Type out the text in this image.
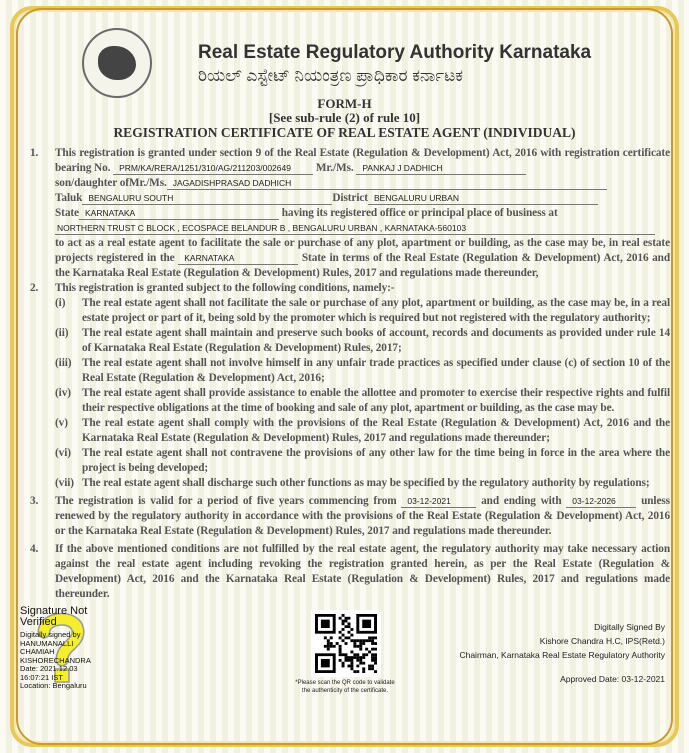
Real Estate Regulatory Authority Karnataka
ರಿಯಲ್ ಎಸ್ಟೇಟ್ ನಿಯಂತ್ರಣ ಪ್ರಾಧಿಕಾರ ಕರ್ನಾಟಕ
FORM-H
[See sub-rule (2) of rule 10]
REGISTRATION CERTIFICATE OF REAL ESTATE AGENT (INDIVIDUAL)
1.	This registration is granted under section 9 of the Real Estate (Regulation & Development) Act, 2016 with registration certificate bearing No. PRM/KA/RERA/1251/310/AG/211203/002649 Mr./Ms. PANKAJ J DADHICH
son/daughter ofMr./Ms. JAGADISHPRASAD DADHICH
Taluk BENGALURU SOUTH	District BENGALURU URBAN
State KARNATAKA	having its registered office or principal place of business at
NORTHERN TRUST C BLOCK , ECOSPACE BELANDUR B , BENGALURU URBAN , KARNATAKA-560103
to act as a real estate agent to facilitate the sale or purchase of any plot, apartment or building, as the case may be, in real estate projects registered in the KARNATAKA	State in terms of the Real Estate (Regulation & Development) Act, 2016 and the Karnataka Real Estate (Regulation & Development) Rules, 2017 and regulations made thereunder,
2.	This registration is granted subject to the following conditions, namely:-
(i)	The real estate agent shall not facilitate the sale or purchase of any plot, apartment or building, as the case may be, in a real estate project or part of it, being sold by the promoter which is required but not registered with the regulatory authority;
(ii)	The real estate agent shall maintain and preserve such books of account, records and documents as provided under rule 14 of Karnataka Real Estate (Regulation & Development) Rules, 2017;
(iii) The real estate agent shall not involve himself in any unfair trade practices as specified under clause (c) of section 10 of the Real Estate (Regulation & Development) Act, 2016;
(iv) The real estate agent shall provide assistance to enable the allottee and promoter to exercise their respective rights and fulfil their respective obligations at the time of booking and sale of any plot, apartment or building, as the case may be.
(v)	The real estate agent shall comply with the provisions of the Real Estate (Regulation & Development) Act, 2016 and the Karnataka Real Estate (Regulation & Development) Rules, 2017 and regulations made thereunder;
(vi) The real estate agent shall not contravene the provisions of any other law for the time being in force in the area where the project is being developed;
(vii) The real estate agent shall discharge such other functions as may be specified by the regulatory authority by regulations;
3.	The registration is valid for a period of five years commencing from 03-12-2021	and ending with 03-12-2026 unless renewed by the regulatory authority in accordance with the provisions of the Real Estate (Regulation & Development) Act, 2016 or the Karnataka Real Estate (Regulation & Development) Rules, 2017 and regulations made thereunder.
4.	If the above mentioned conditions are not fulfilled by the real estate agent, the regulatory authority may take necessary action against the real estate agent including revoking the registration granted herein, as per the Real Estate (Regulation & Development) Act, 2016 and the Karnataka Real Estate (Regulation & Development) Rules, 2017 and regulations made thereunder.
Signature Not Verified
Digitally signed by
HANUMANALLI
CHAMIAH
KISHORECHANDRA
Date: 2021.12.03
16:07:21 IST
Location: Bengaluru	*Please scan the QR code to validate
the authenticity of the certificate.
Digitally Signed By
Kishore Chandra H.C, IPS(Retd.)
Chairman, Karnataka Real Estate Regulatory Authority
Approved Date: 03-12-2021
